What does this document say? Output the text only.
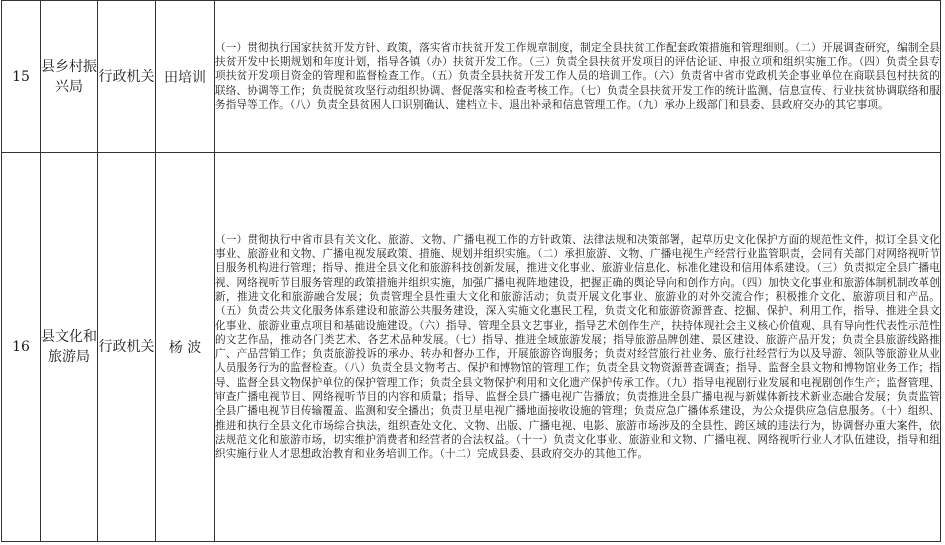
15	县乡村振兴局	行政机关	田培训	（一）贯彻执行国家扶贫开发方针、政策，落实省市扶贫开发工作规章制度，制定全县扶贫工作配套政策措施和管理细则。（二）开展调查研究，编制全县扶贫开发中长期规划和年度计划，指导各镇（办）扶贫开发工作。（三）负责全县扶贫开发项目的评估论证、申报立项和组织实施工作。（四）负责全县专项扶贫开发项目资金的管理和监督检查工作。（五）负责全县扶贫开发工作人员的培训工作。（六）负责省中省市党政机关企事业单位在商联县包村扶贫的联络、协调等工作；负责脱贫攻坚行动组织协调、督促落实和检查考核工作。（七）负责全县扶贫开发工作的统计监测、信息宣传、行业扶贫协调联络和服务指导等工作。（八）负责全县贫困人口识别确认、建档立卡、退出补录和信息管理工作。（九）承办上级部门和县委、县政府交办的其它事项。

16	县文化和旅游局	行政机关	杨 波	（一）贯彻执行中省市县有关文化、旅游、文物、广播电视工作的方针政策、法律法规和决策部署，起草历史文化保护方面的规范性文件，拟订全县文化事业、旅游业和文物、广播电视发展政策、措施、规划并组织实施。（二）承担旅游、文物、广播电视生产经营行业监管职责，会同有关部门对网络视听节目服务机构进行管理；指导、推进全县文化和旅游科技创新发展，推进文化事业、旅游业信息化、标准化建设和信用体系建设。（三）负责拟定全县广播电视、网络视听节目服务管理的政策措施并组织实施，加强广播电视阵地建设，把握正确的舆论导向和创作方向。（四）加快文化事业和旅游体制机制改革创新，推进文化和旅游融合发展；负责管理全县性重大文化和旅游活动；负责开展文化事业、旅游业的对外交流合作；积极推介文化、旅游项目和产品。（五）负责公共文化服务体系建设和旅游公共服务建设，深入实施文化惠民工程，负责文化和旅游资源普查、挖掘、保护、利用工作，指导、推进全县文化事业、旅游业重点项目和基础设施建设。（六）指导、管理全县文艺事业，指导艺术创作生产，扶持体现社会主义核心价值观、具有导向性代表性示范性的文艺作品，推动各门类艺术、各艺术品种发展。（七）指导、推进全域旅游发展；指导旅游品牌创建、景区建设、旅游产品开发；负责全县旅游线路推广、产品营销工作；负责旅游投诉的承办、转办和督办工作，开展旅游咨询服务；负责对经营旅行社业务、旅行社经营行为以及导游、领队等旅游业从业人员服务行为的监督检查。（八）负责全县文物考古、保护和博物馆的管理工作；负责全县文物资源普查调查；指导、监督全县文物和博物馆业务工作；指导、监督全县文物保护单位的保护管理工作；负责全县文物保护利用和文化遗产保护传承工作。（九）指导电视剧行业发展和电视剧创作生产；监督管理、审查广播电视节目、网络视听节目的内容和质量；指导、监督全县广播电视广告播放；负责推进全县广播电视与新媒体新技术新业态融合发展；负责监管全县广播电视节目传输覆盖、监测和安全播出；负责卫星电视广播地面接收设施的管理；负责应急广播体系建设，为公众提供应急信息服务。（十）组织、推进和执行全县文化市场综合执法，组织查处文化、文物、出版、广播电视、电影、旅游市场涉及的全县性、跨区域的违法行为，协调督办重大案件，依法规范文化和旅游市场，切实维护消费者和经营者的合法权益。（十一）负责文化事业、旅游业和文物、广播电视、网络视听行业人才队伍建设，指导和组织实施行业人才思想政治教育和业务培训工作。（十二）完成县委、县政府交办的其他工作。
